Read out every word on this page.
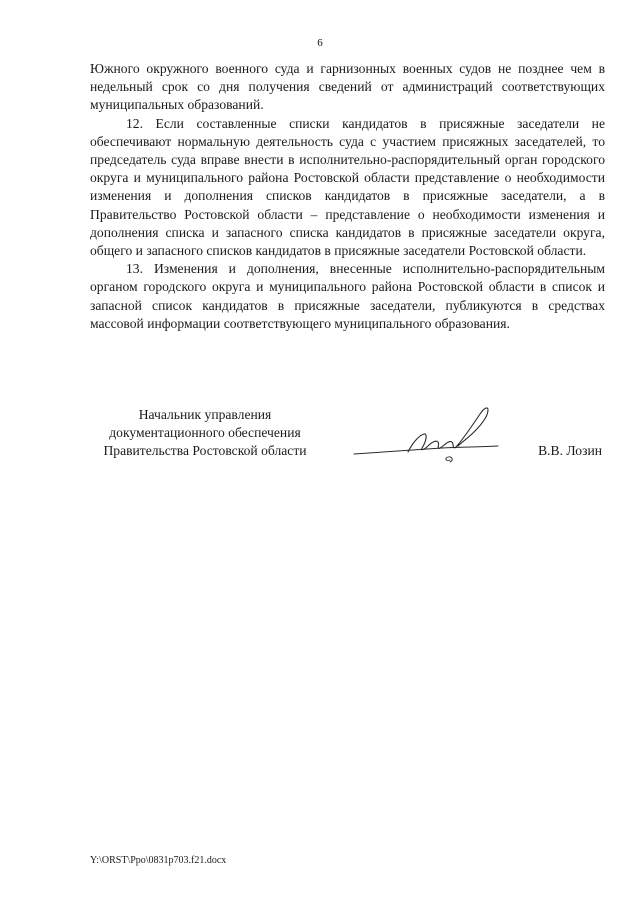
6

Южного окружного военного суда и гарнизонных военных судов не позднее чем в недельный срок со дня получения сведений от администраций соответствующих муниципальных образований.

12. Если составленные списки кандидатов в присяжные заседатели не обеспечивают нормальную деятельность суда с участием присяжных заседателей, то председатель суда вправе внести в исполнительно-распорядительный орган городского округа и муниципального района Ростовской области представление о необходимости изменения и дополнения списков кандидатов в присяжные заседатели, а в Правительство Ростовской области – представление о необходимости изменения и дополнения списка и запасного списка кандидатов в присяжные заседатели округа, общего и запасного списков кандидатов в присяжные заседатели Ростовской области.

13. Изменения и дополнения, внесенные исполнительно-распорядительным органом городского округа и муниципального района Ростовской области в список и запасной список кандидатов в присяжные заседатели, публикуются в средствах массовой информации соответствующего муниципального образования.

Начальник управления
документационного обеспечения
Правительства Ростовской области	В.В. Лозин
Y:\ORST\Ppo\0831p703.f21.docx
